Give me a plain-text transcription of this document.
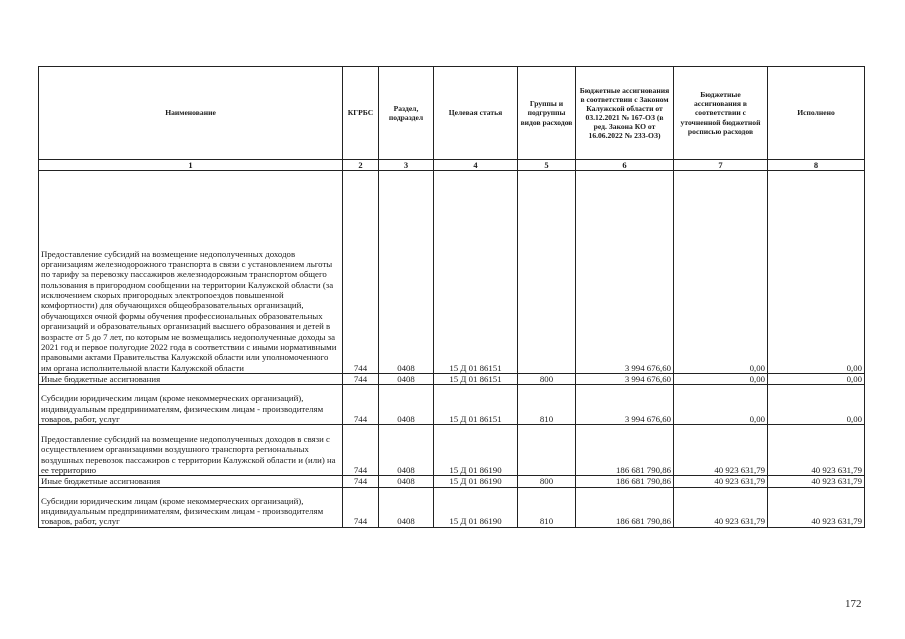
Наименование	КГРБС	Раздел, подраздел	Целевая статья	Группы и подгруппы видов расходов	Бюджетные ассигнования в соответствии с Законом Калужской области от 03.12.2021 № 167-ОЗ (в ред. Закона КО от 16.06.2022 № 233-ОЗ)	Бюджетные ассигнования в соответствии с уточненной бюджетной росписью расходов	Исполнено
1	2	3	4	5	6	7	8
Предоставление субсидий на возмещение недополученных доходов организациям железнодорожного транспорта в связи с установлением льготы по тарифу за перевозку пассажиров железнодорожным транспортом общего пользования в пригородном сообщении на территории Калужской области (за исключением скорых пригородных электропоездов повышенной комфортности) для обучающихся общеобразовательных организаций, обучающихся очной формы обучения профессиональных образовательных организаций и образовательных организаций высшего образования и детей в возрасте от 5 до 7 лет, по которым не возмещались недополученные доходы за 2021 год и первое полугодие 2022 года в соответствии с иными нормативными правовыми актами Правительства Калужской области или уполномоченного им органа исполнительной власти Калужской области	744	0408	15 Д 01 86151		3 994 676,60	0,00	0,00
Иные бюджетные ассигнования	744	0408	15 Д 01 86151	800	3 994 676,60	0,00	0,00
Субсидии юридическим лицам (кроме некоммерческих организаций), индивидуальным предпринимателям, физическим лицам - производителям товаров, работ, услуг	744	0408	15 Д 01 86151	810	3 994 676,60	0,00	0,00
Предоставление субсидий на возмещение недополученных доходов в связи с осуществлением организациями воздушного транспорта региональных воздушных перевозок пассажиров с территории Калужской области и (или) на ее территорию	744	0408	15 Д 01 86190		186 681 790,86	40 923 631,79	40 923 631,79
Иные бюджетные ассигнования	744	0408	15 Д 01 86190	800	186 681 790,86	40 923 631,79	40 923 631,79
Субсидии юридическим лицам (кроме некоммерческих организаций), индивидуальным предпринимателям, физическим лицам - производителям товаров, работ, услуг	744	0408	15 Д 01 86190	810	186 681 790,86	40 923 631,79	40 923 631,79
172
